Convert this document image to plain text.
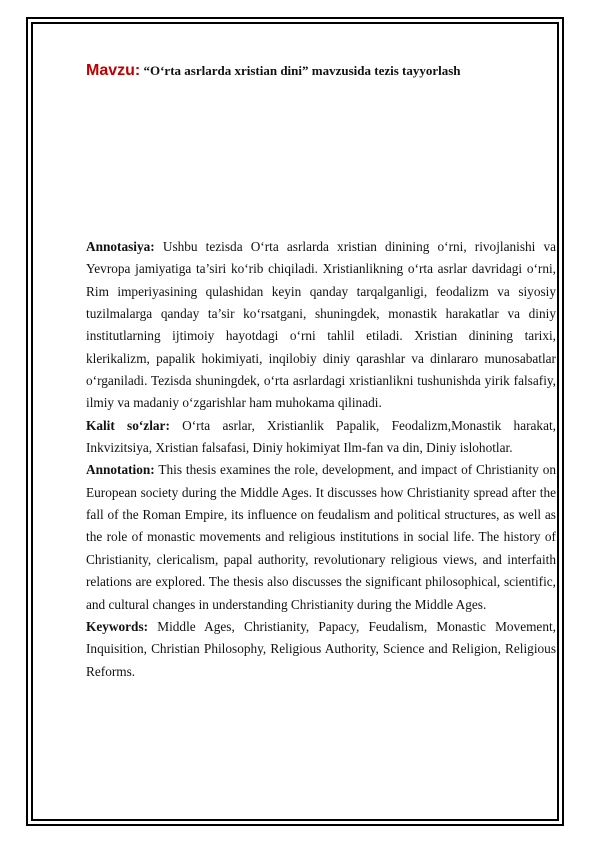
Mavzu: “O‘rta asrlarda xristian dini” mavzusida tezis tayyorlash

Annotasiya: Ushbu tezisda O‘rta asrlarda xristian dinining o‘rni, rivojlanishi va Yevropa jamiyatiga ta’siri ko‘rib chiqiladi. Xristianlikning o‘rta asrlar davridagi o‘rni, Rim imperiyasining qulashidan keyin qanday tarqalganligi, feodalizm va siyosiy tuzilmalarga qanday ta’sir ko‘rsatgani, shuningdek, monastik harakatlar va diniy institutlarning ijtimoiy hayotdagi o‘rni tahlil etiladi. Xristian dinining tarixi, klerikalizm, papalik hokimiyati, inqilobiy diniy qarashlar va dinlararo munosabatlar o‘rganiladi. Tezisda shuningdek, o‘rta asrlardagi xristianlikni tushunishda yirik falsafiy, ilmiy va madaniy o‘zgarishlar ham muhokama qilinadi.

Kalit so‘zlar: O‘rta asrlar, Xristianlik Papalik, Feodalizm,Monastik harakat, Inkvizitsiya, Xristian falsafasi, Diniy hokimiyat Ilm-fan va din, Diniy islohotlar.

Annotation: This thesis examines the role, development, and impact of Christianity on European society during the Middle Ages. It discusses how Christianity spread after the fall of the Roman Empire, its influence on feudalism and political structures, as well as the role of monastic movements and religious institutions in social life. The history of Christianity, clericalism, papal authority, revolutionary religious views, and interfaith relations are explored. The thesis also discusses the significant philosophical, scientific, and cultural changes in understanding Christianity during the Middle Ages.

Keywords: Middle Ages, Christianity, Papacy, Feudalism, Monastic Movement, Inquisition, Christian Philosophy, Religious Authority, Science and Religion, Religious Reforms.
